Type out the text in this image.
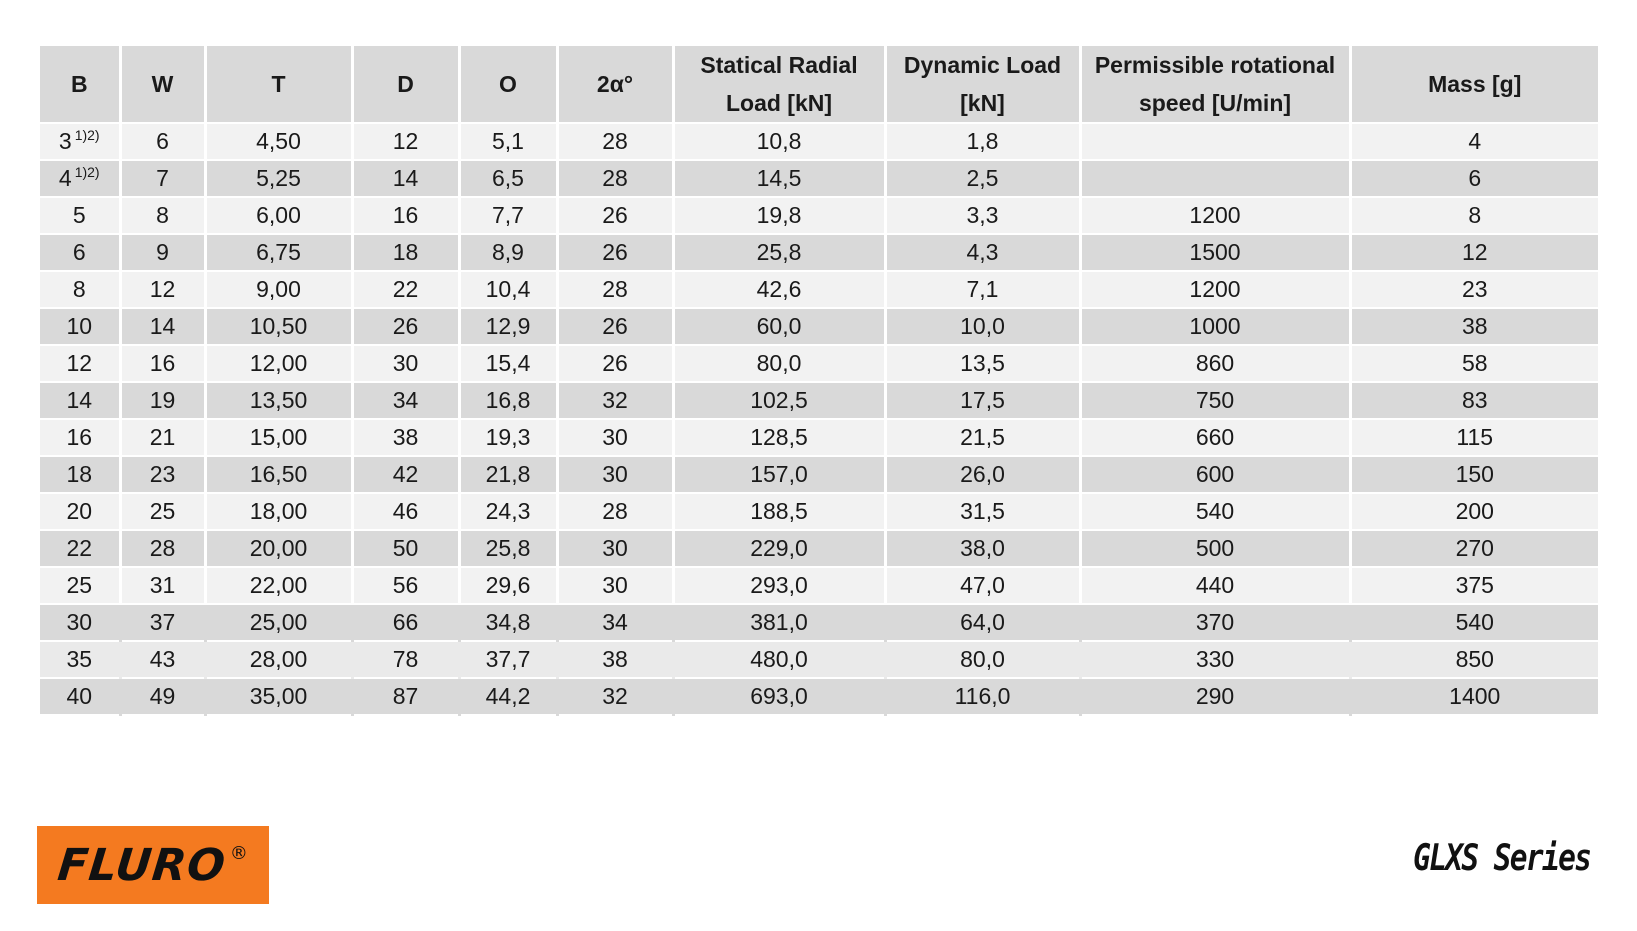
B	W	T	D	O	2α°	Statical Radial Load [kN]	Dynamic Load [kN]	Permissible rotational speed [U/min]	Mass [g]
3 $^{1)2)}$	6	4,50	12	5,1	28	10,8	1,8		4
4 $^{1)2)}$	7	5,25	14	6,5	28	14,5	2,5		6
5	8	6,00	16	7,7	26	19,8	3,3	1200	8
6	9	6,75	18	8,9	26	25,8	4,3	1500	12
8	12	9,00	22	10,4	28	42,6	7,1	1200	23
10	14	10,50	26	12,9	26	60,0	10,0	1000	38
12	16	12,00	30	15,4	26	80,0	13,5	860	58
14	19	13,50	34	16,8	32	102,5	17,5	750	83
16	21	15,00	38	19,3	30	128,5	21,5	660	115
18	23	16,50	42	21,8	30	157,0	26,0	600	150
20	25	18,00	46	24,3	28	188,5	31,5	540	200
22	28	20,00	50	25,8	30	229,0	38,0	500	270
25	31	22,00	56	29,6	30	293,0	47,0	440	375
30	37	25,00	66	34,8	34	381,0	64,0	370	540
35	43	28,00	78	37,7	38	480,0	80,0	330	850
40	49	35,00	87	44,2	32	693,0	116,0	290	1400
FLURO ®	GLXS Series
